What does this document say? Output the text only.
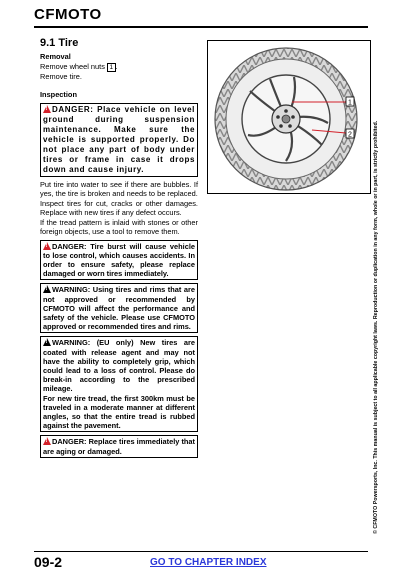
CFMOTO
9.1 Tire

Removal

Remove wheel nuts 1 .

Remove tire.

Inspection

!DANGER: Place vehicle on level ground during suspension maintenance. Make sure the vehicle is supported properly. Do not place any part of body under tires or frame in case it drops down and cause injury.

Put tire into water to see if there are bubbles. If yes, the tire is broken and needs to be replaced.

Inspect tires for cut, cracks or other damages. Replace with new tires if any defect occurs.

If the tread pattern is inlaid with stones or other foreign objects, use a tool to remove them.

!DANGER: Tire burst will cause vehicle to lose control, which causes accidents. In order to ensure safety, please replace damaged or worn tires immediately.
!WARNING: Using tires and rims that are not approved or recommended by CFMOTO will affect the performance and safety of the vehicle. Please use CFMOTO approved or recommended tires and rims.
!WARNING: (EU only) New tires are coated with release agent and may not have the ability to completely grip, which could lead to a loss of control. Please do break-in according to the prescribed mileage.
For new tire tread, the first 300km must be traveled in a moderate manner at different angles, so that the entire tread is rubbed against the pavement.
!DANGER: Replace tires immediately that are aging or damaged.
1
2	© CFMOTO Powersports, Inc. This manual is subject to all applicable copyright laws. Reproduction or duplication in any form, whole or in part, is strictly prohibited.
09-2	GO TO CHAPTER INDEX
